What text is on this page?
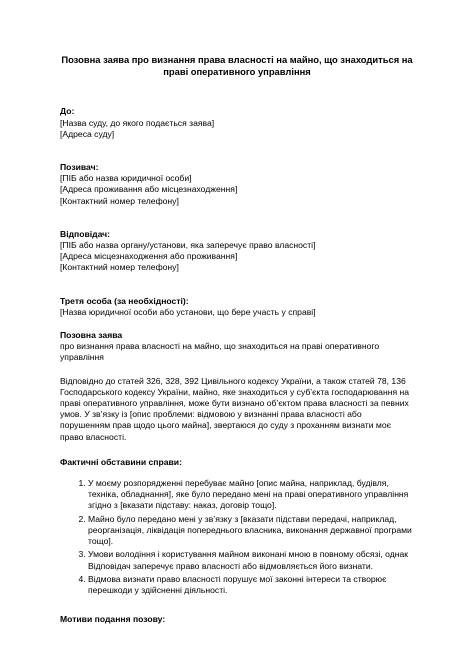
Позовна заява про визнання права власності на майно, що знаходиться на праві оперативного управління
До:
[Назва суду, до якого подається заява]
[Адреса суду]
Позивач:
[ПІБ або назва юридичної особи]
[Адреса проживання або місцезнаходження]
[Контактний номер телефону]
Відповідач:
[ПІБ або назва органу/установи, яка заперечує право власності]
[Адреса місцезнаходження або проживання]
[Контактний номер телефону]
Третя особа (за необхідності):
[Назва юридичної особи або установи, що бере участь у справі]
Позовна заява

про визнання права власності на майно, що знаходиться на праві оперативного управління

Відповідно до статей 326, 328, 392 Цивільного кодексу України, а також статей 78, 136 Господарського кодексу України, майно, яке знаходиться у суб’єкта господарювання на праві оперативного управління, може бути визнано об’єктом права власності за певних умов. У зв’язку із [опис проблеми: відмовою у визнанні права власності або порушенням прав щодо цього майна], звертаюся до суду з проханням визнати моє право власності.

Фактичні обставини справи:
1. У моєму розпорядженні перебуває майно [опис майна, наприклад, будівля, техніка, обладнання], яке було передано мені на праві оперативного управління згідно з [вказати підставу: наказ, договір тощо].
2. Майно було передано мені у зв’язку з [вказати підстави передачі, наприклад, реорганізація, ліквідація попереднього власника, виконання державної програми тощо].
3. Умови володіння і користування майном виконані мною в повному обсязі, однак Відповідач заперечує право власності або відмовляється його визнати.
4. Відмова визнати право власності порушує мої законні інтереси та створює перешкоди у здійсненні діяльності.
Мотиви подання позову:
